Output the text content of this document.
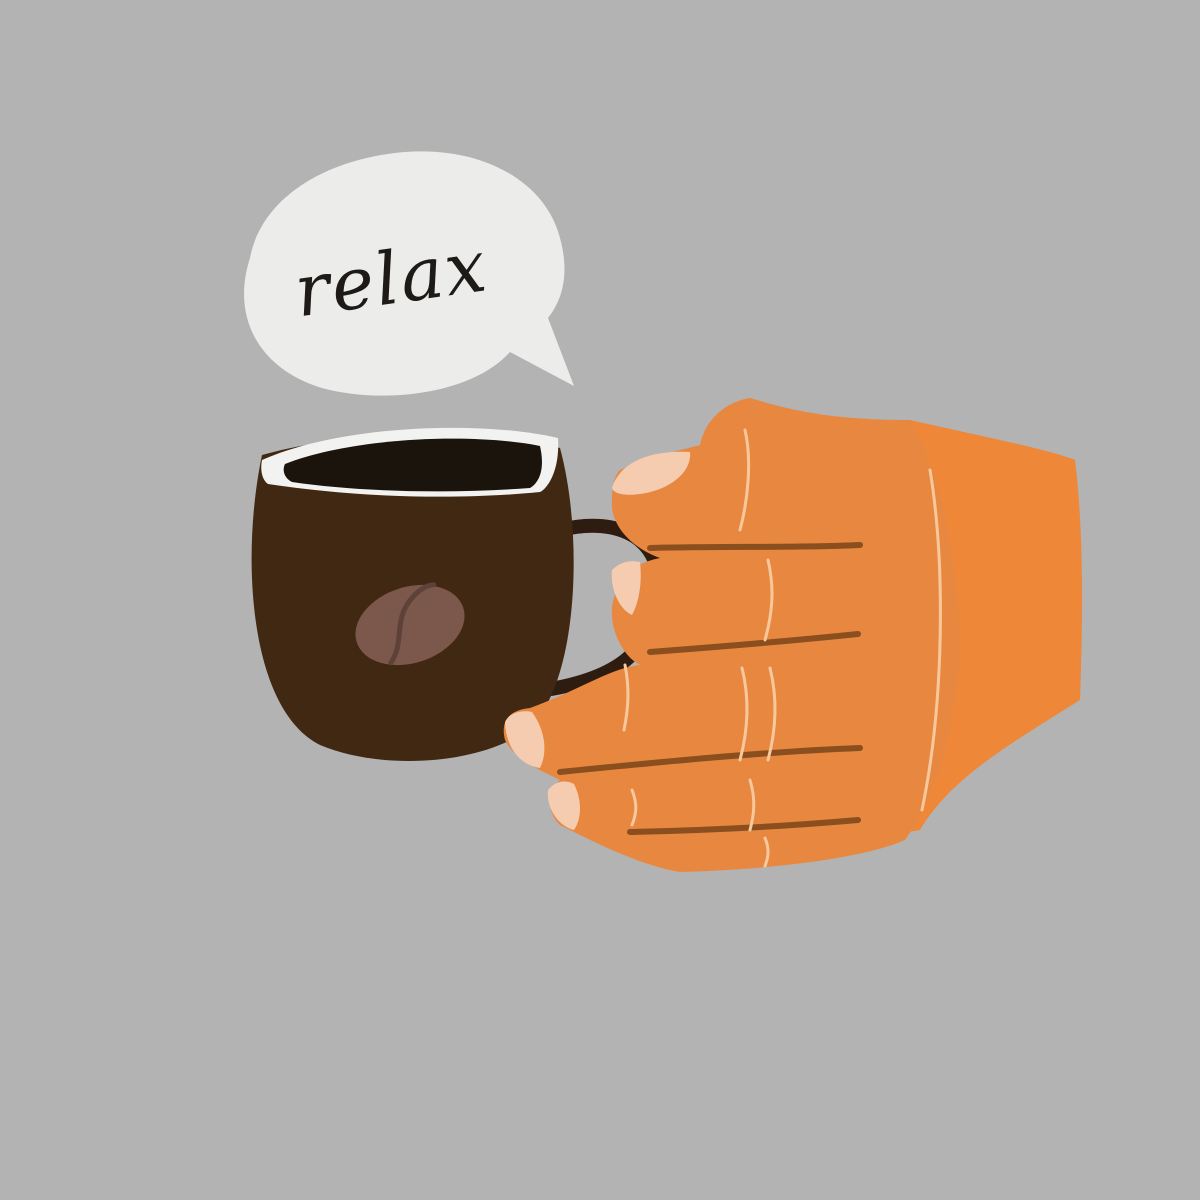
relax
